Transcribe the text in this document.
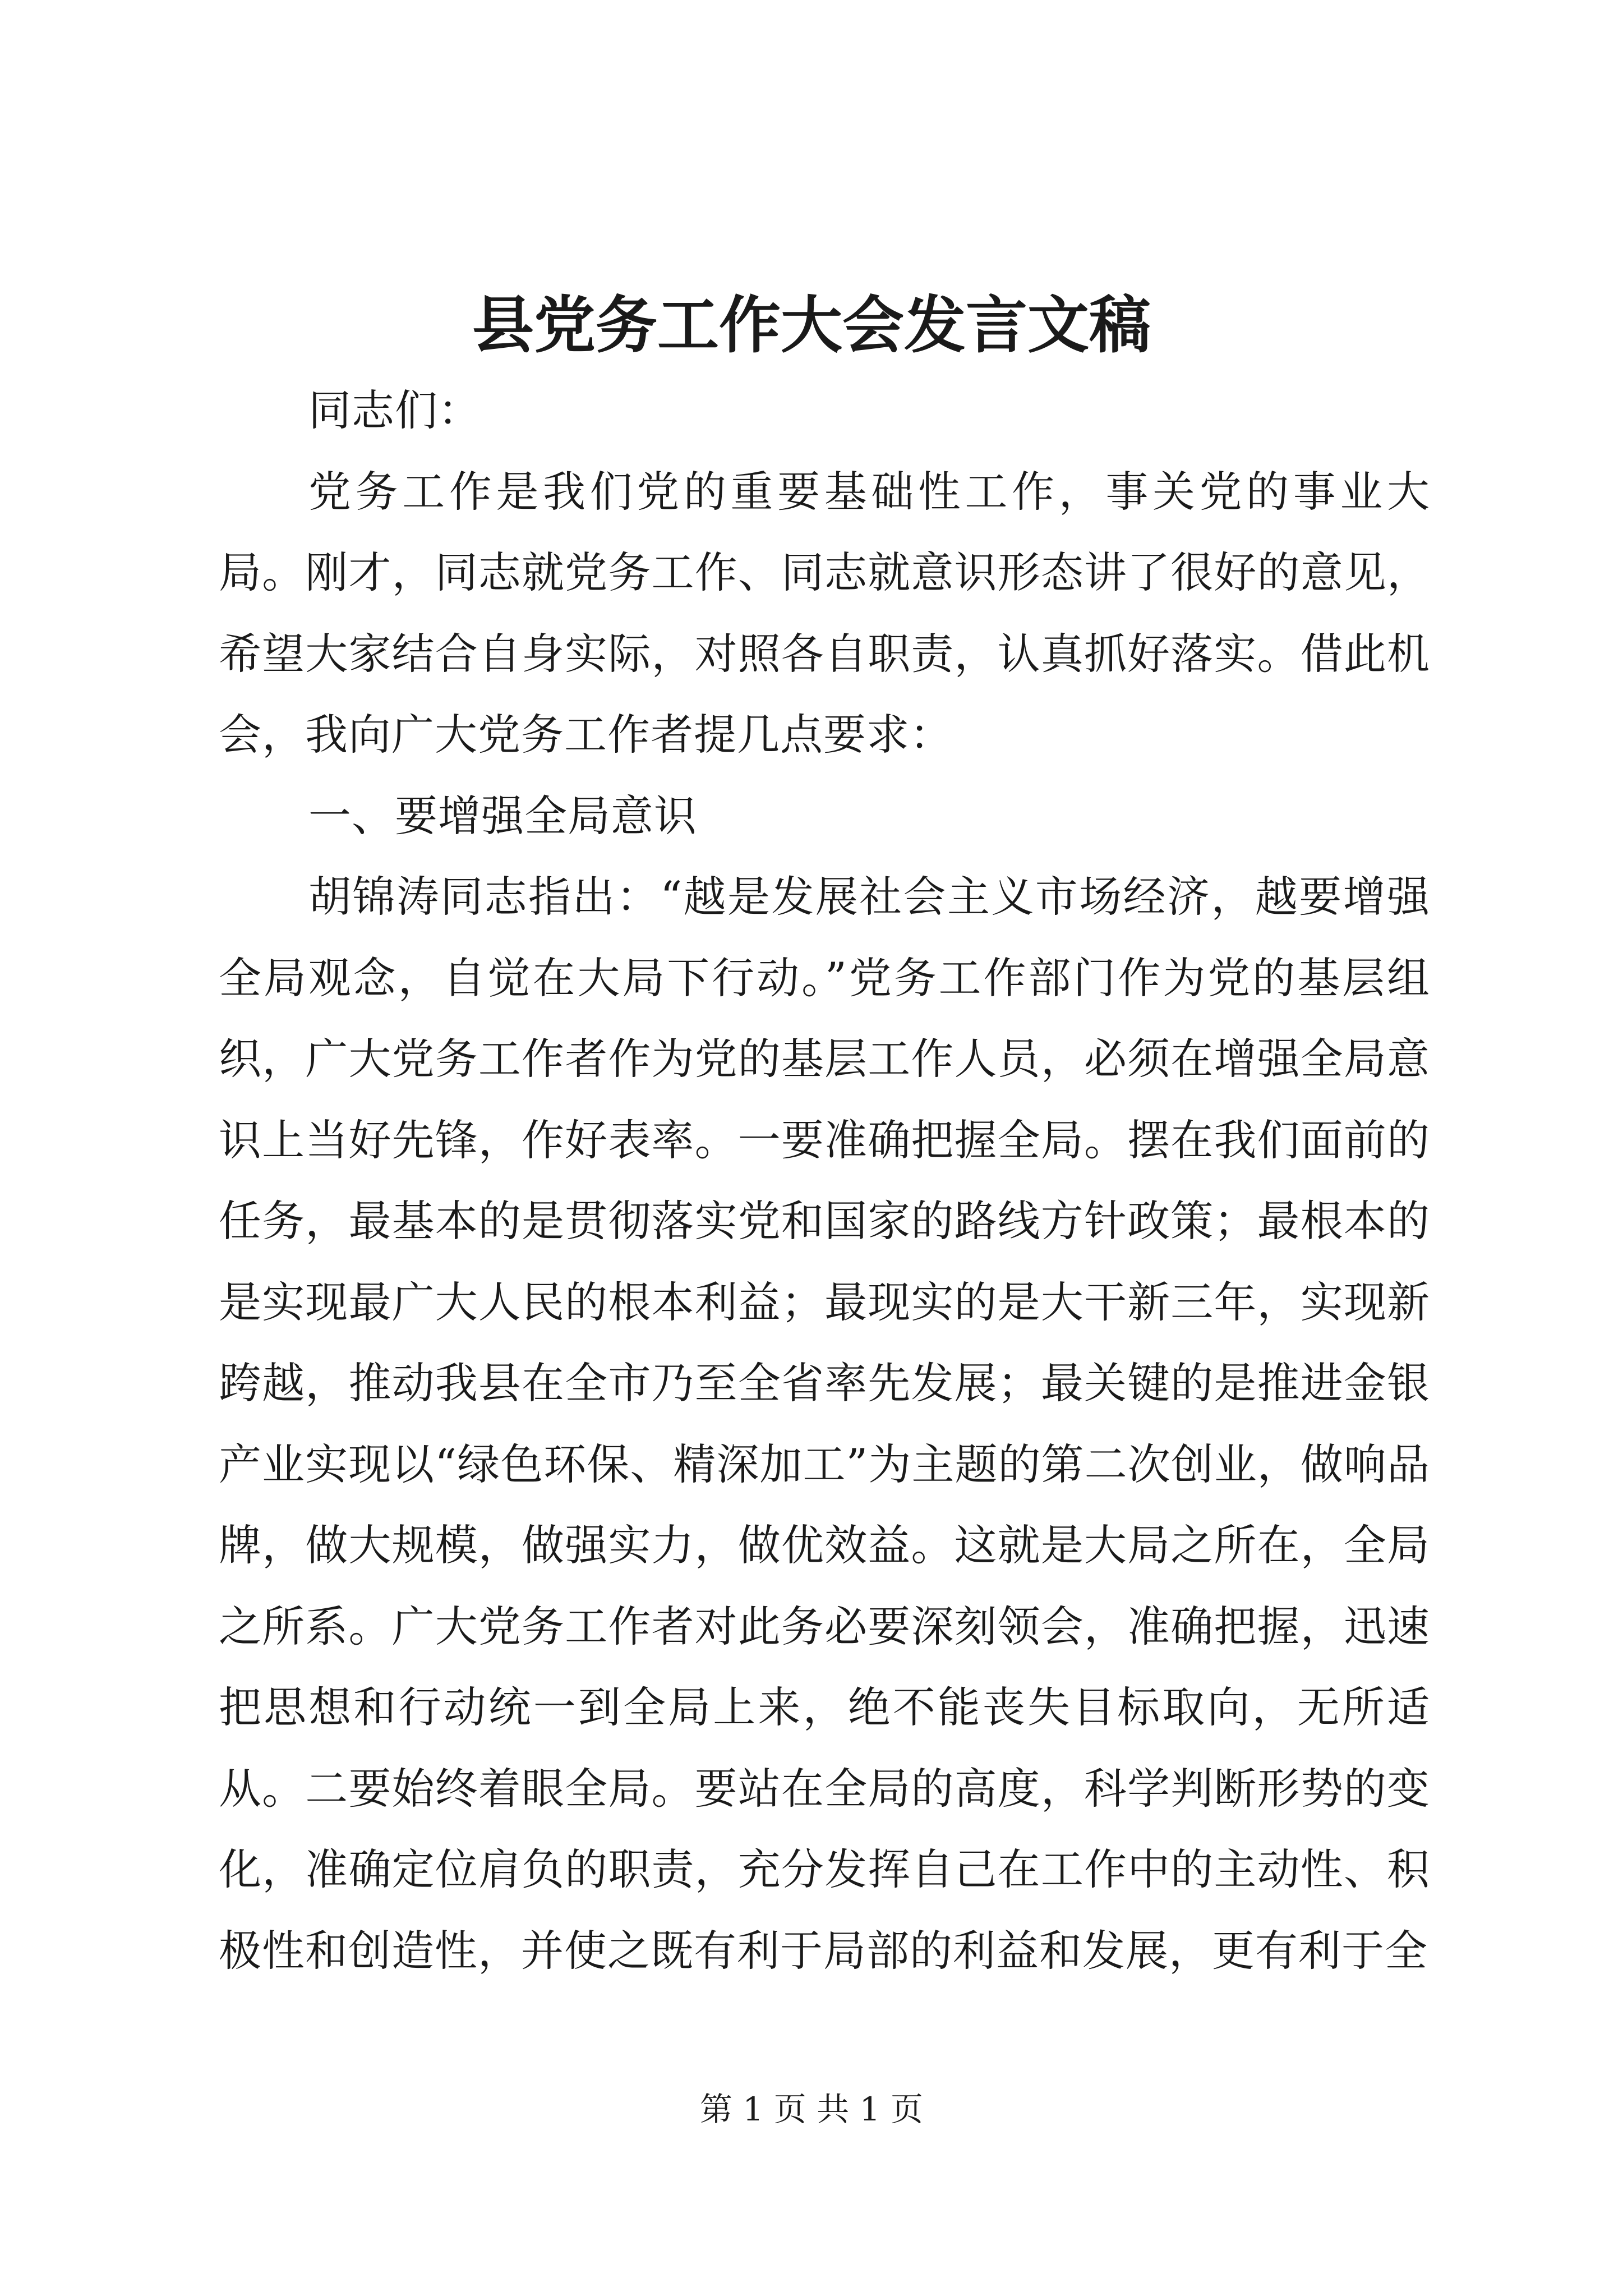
县党务工作大会发言文稿

同志们：

党务工作是我们党的重要基础性工作，事关党的事业大局。刚才，同志就党务工作、同志就意识形态讲了很好的意见，希望大家结合自身实际，对照各自职责，认真抓好落实。借此机会，我向广大党务工作者提几点要求：

一、要增强全局意识

胡锦涛同志指出：“越是发展社会主义市场经济，越要增强全局观念，自觉在大局下行动。”党务工作部门作为党的基层组织，广大党务工作者作为党的基层工作人员，必须在增强全局意识上当好先锋，作好表率。一要准确把握全局。摆在我们面前的任务，最基本的是贯彻落实党和国家的路线方针政策；最根本的是实现最广大人民的根本利益；最现实的是大干新三年，实现新跨越，推动我县在全市乃至全省率先发展；最关键的是推进金银产业实现以“绿色环保、精深加工”为主题的第二次创业，做响品牌，做大规模，做强实力，做优效益。这就是大局之所在，全局之所系。广大党务工作者对此务必要深刻领会，准确把握，迅速把思想和行动统一到全局上来，绝不能丧失目标取向，无所适从。二要始终着眼全局。要站在全局的高度，科学判断形势的变化，准确定位肩负的职责，充分发挥自己在工作中的主动性、积极性和创造性，并使之既有利于局部的利益和发展，更有利于全

第 1 页 共 1 页
